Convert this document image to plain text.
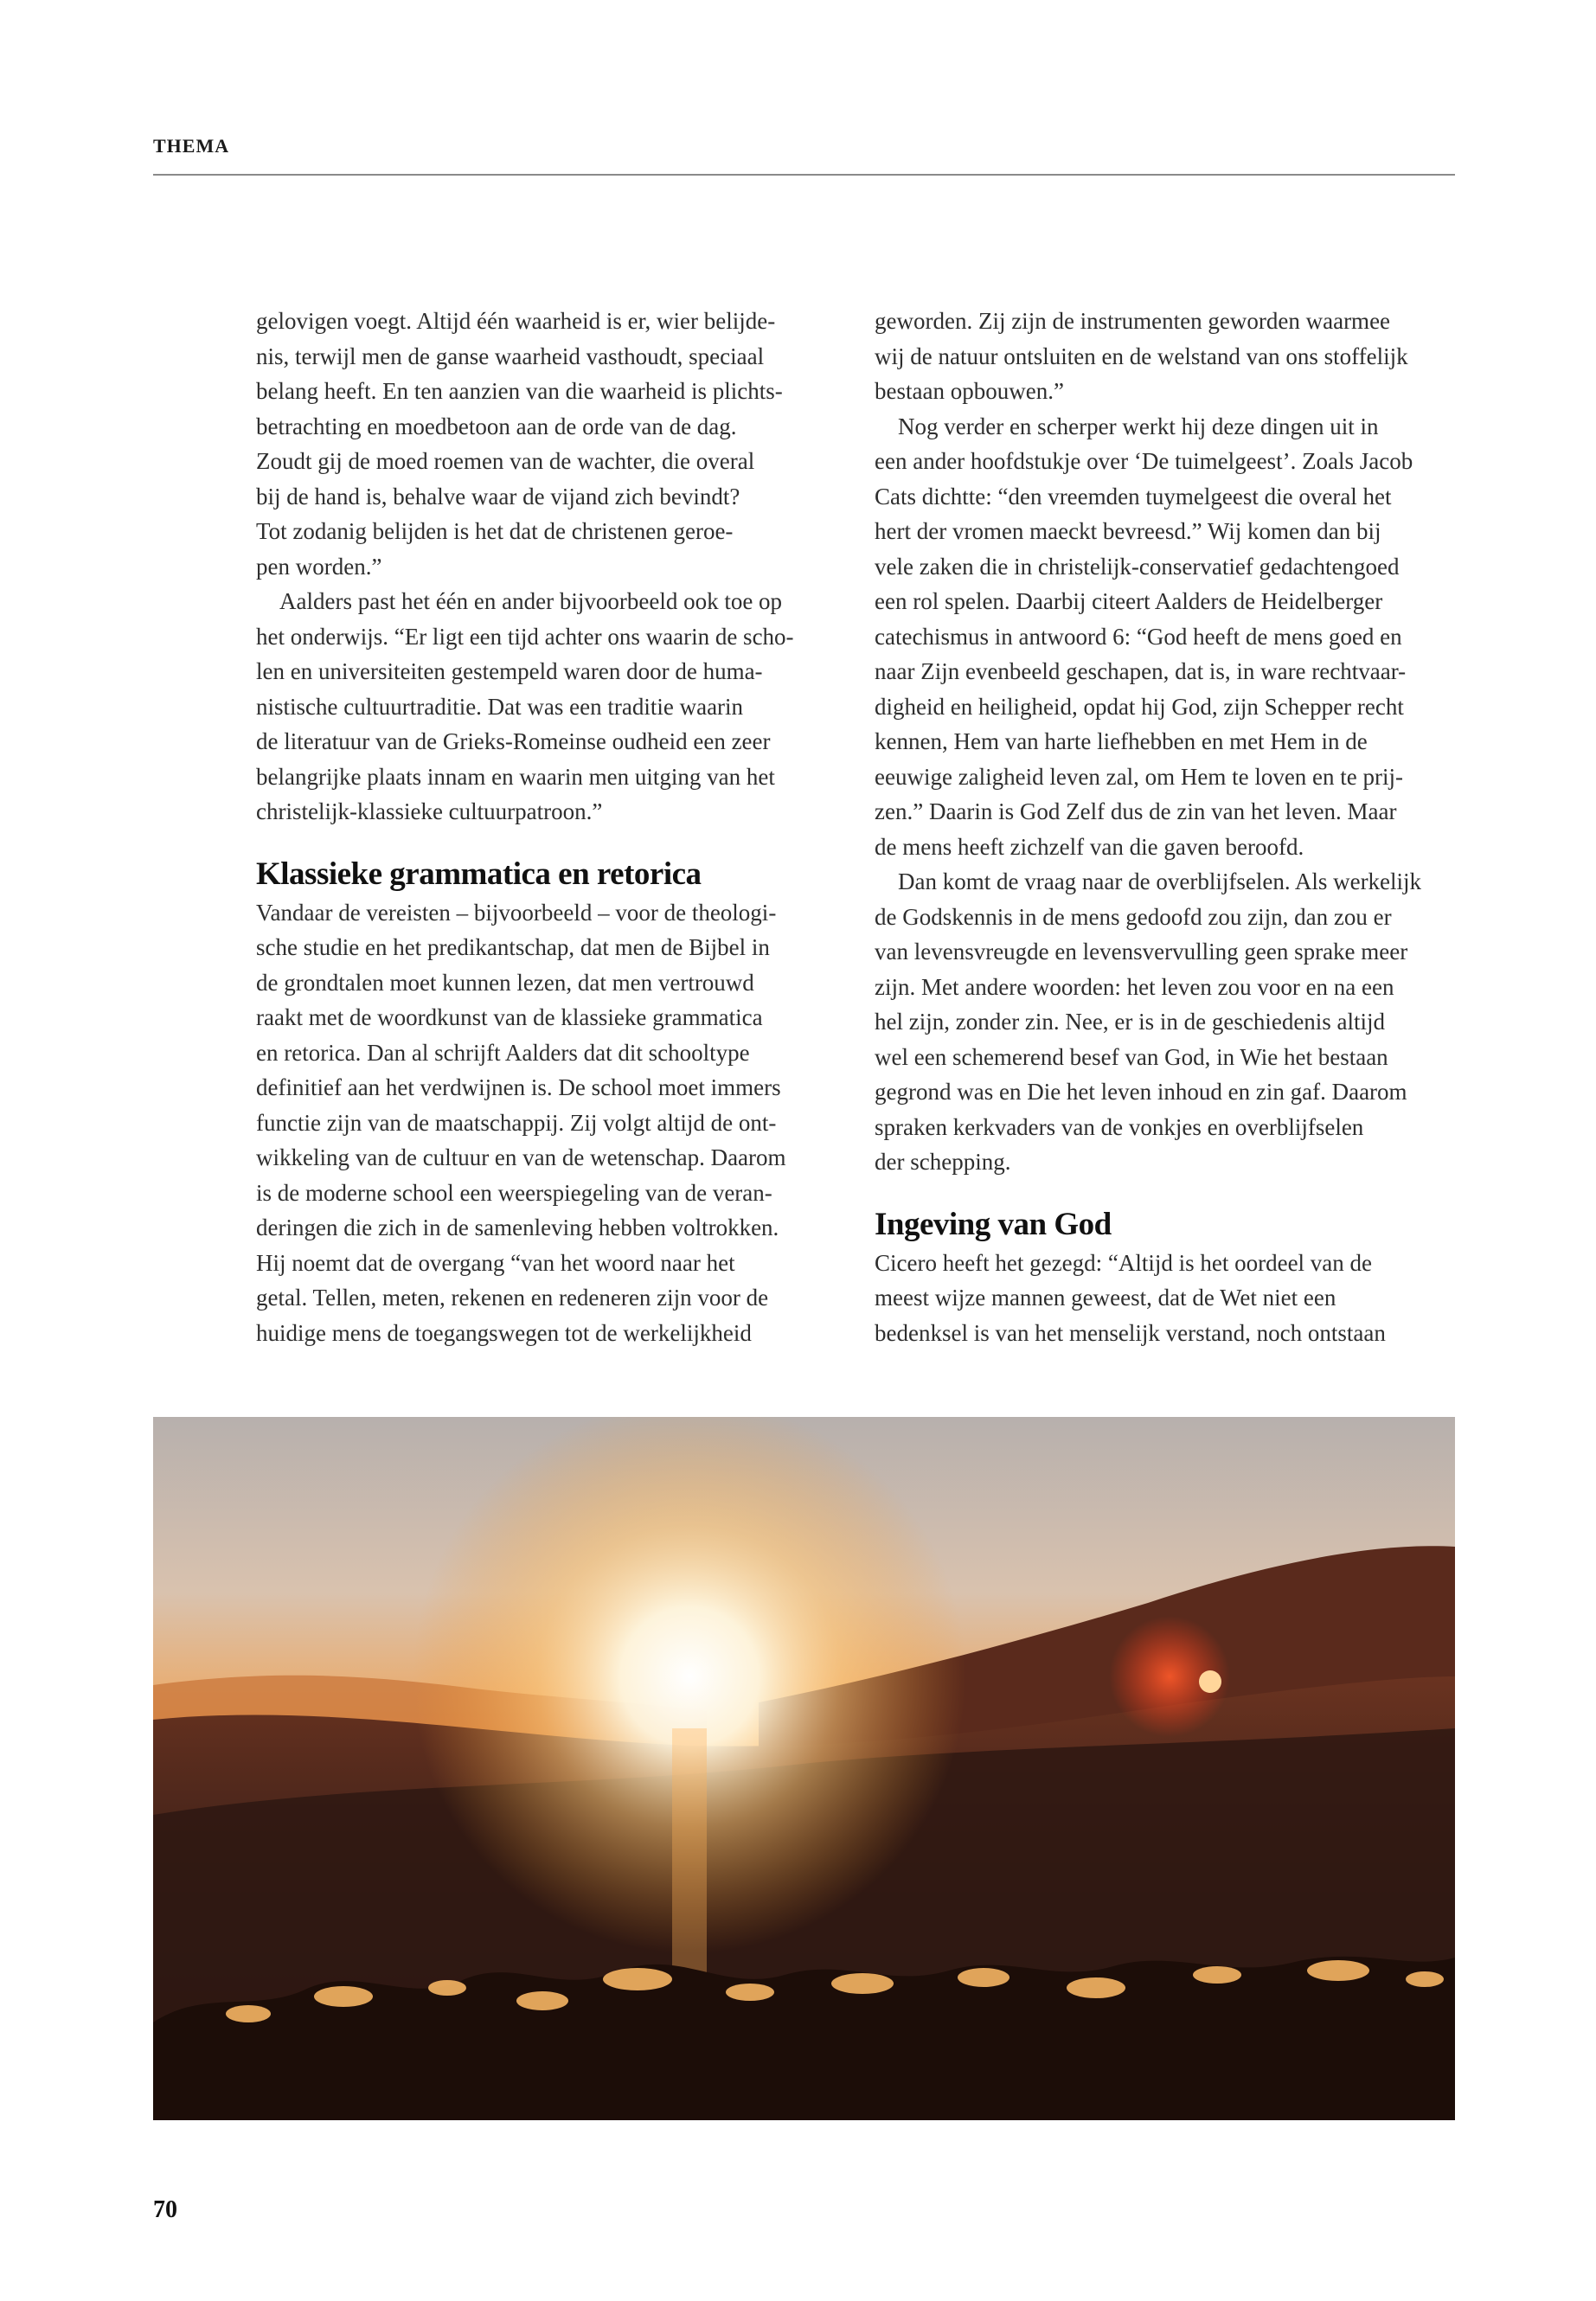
THEMA
gelovigen voegt. Altijd één waarheid is er, wier belijde-
nis, terwijl men de ganse waarheid vasthoudt, speciaal
belang heeft. En ten aanzien van die waarheid is plichts-
betrachting en moedbetoon aan de orde van de dag.
Zoudt gij de moed roemen van de wachter, die overal
bij de hand is, behalve waar de vijand zich bevindt?
Tot zodanig belijden is het dat de christenen geroe-
pen worden.”
Aalders past het één en ander bijvoorbeeld ook toe op
het onderwijs. “Er ligt een tijd achter ons waarin de scho-
len en universiteiten gestempeld waren door de huma-
nistische cultuurtraditie. Dat was een traditie waarin
de literatuur van de Grieks-Romeinse oudheid een zeer
belangrijke plaats innam en waarin men uitging van het
christelijk-klassieke cultuurpatroon.”
Klassieke grammatica en retorica
Vandaar de vereisten – bijvoorbeeld – voor de theologi-
sche studie en het predikantschap, dat men de Bijbel in
de grondtalen moet kunnen lezen, dat men vertrouwd
raakt met de woordkunst van de klassieke grammatica
en retorica. Dan al schrijft Aalders dat dit schooltype
definitief aan het verdwijnen is. De school moet immers
functie zijn van de maatschappij. Zij volgt altijd de ont-
wikkeling van de cultuur en van de wetenschap. Daarom
is de moderne school een weerspiegeling van de veran-
deringen die zich in de samenleving hebben voltrokken.
Hij noemt dat de overgang “van het woord naar het
getal. Tellen, meten, rekenen en redeneren zijn voor de
huidige mens de toegangswegen tot de werkelijkheid
geworden. Zij zijn de instrumenten geworden waarmee
wij de natuur ontsluiten en de welstand van ons stoffelijk
bestaan opbouwen.”
Nog verder en scherper werkt hij deze dingen uit in
een ander hoofdstukje over ‘De tuimelgeest’. Zoals Jacob
Cats dichtte: “den vreemden tuymelgeest die overal het
hert der vromen maeckt bevreesd.” Wij komen dan bij
vele zaken die in christelijk-conservatief gedachtengoed
een rol spelen. Daarbij citeert Aalders de Heidelberger
catechismus in antwoord 6: “God heeft de mens goed en
naar Zijn evenbeeld geschapen, dat is, in ware rechtvaar-
digheid en heiligheid, opdat hij God, zijn Schepper recht
kennen, Hem van harte liefhebben en met Hem in de
eeuwige zaligheid leven zal, om Hem te loven en te prij-
zen.” Daarin is God Zelf dus de zin van het leven. Maar
de mens heeft zichzelf van die gaven beroofd.
Dan komt de vraag naar de overblijfselen. Als werkelijk
de Godskennis in de mens gedoofd zou zijn, dan zou er
van levensvreugde en levensvervulling geen sprake meer
zijn. Met andere woorden: het leven zou voor en na een
hel zijn, zonder zin. Nee, er is in de geschiedenis altijd
wel een schemerend besef van God, in Wie het bestaan
gegrond was en Die het leven inhoud en zin gaf. Daarom
spraken kerkvaders van de vonkjes en overblijfselen
der schepping.
Ingeving van God
Cicero heeft het gezegd: “Altijd is het oordeel van de
meest wijze mannen geweest, dat de Wet niet een
bedenksel is van het menselijk verstand, noch ontstaan
70
